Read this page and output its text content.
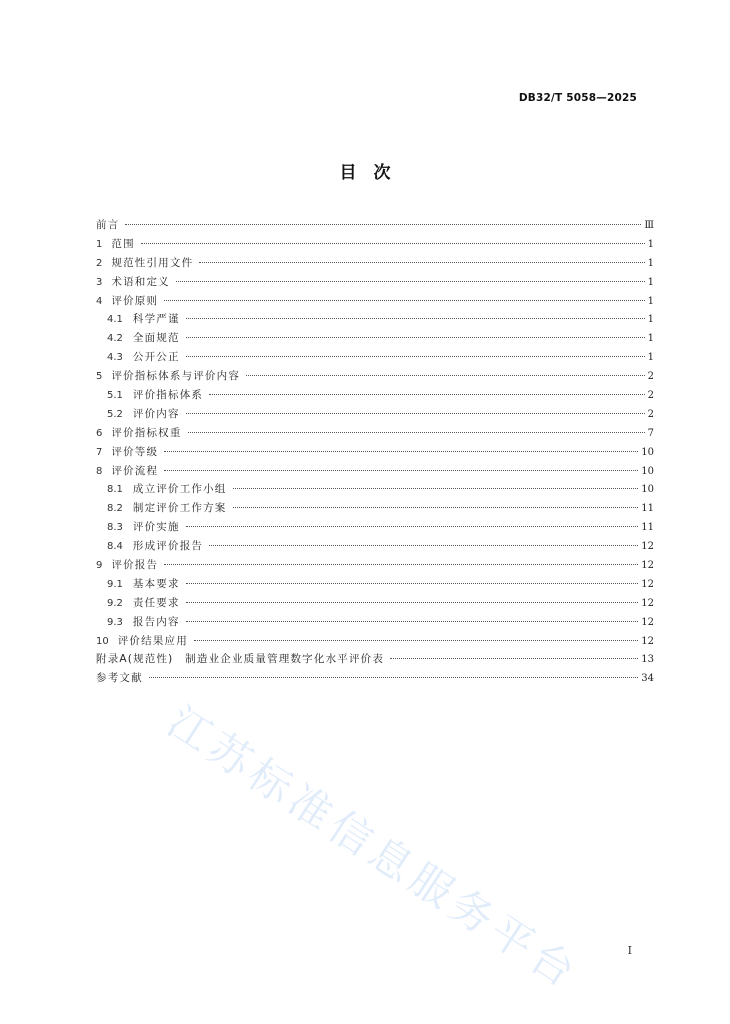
DB32/T 5058—2025
目　次
前言	Ⅲ
1 范围	1
2 规范性引用文件	1
3 术语和定义	1
4 评价原则	1
4.1 科学严谨	1
4.2 全面规范	1
4.3 公开公正	1
5 评价指标体系与评价内容	2
5.1 评价指标体系	2
5.2 评价内容	2
6 评价指标权重	7
7 评价等级	10
8 评价流程	10
8.1 成立评价工作小组	10
8.2 制定评价工作方案	11
8.3 评价实施	11
8.4 形成评价报告	12
9 评价报告	12
9.1 基本要求	12
9.2 责任要求	12
9.3 报告内容	12
10 评价结果应用	12
附录A(规范性)　制造业企业质量管理数字化水平评价表	13
参考文献	34
I
江苏标准信息服务平台
